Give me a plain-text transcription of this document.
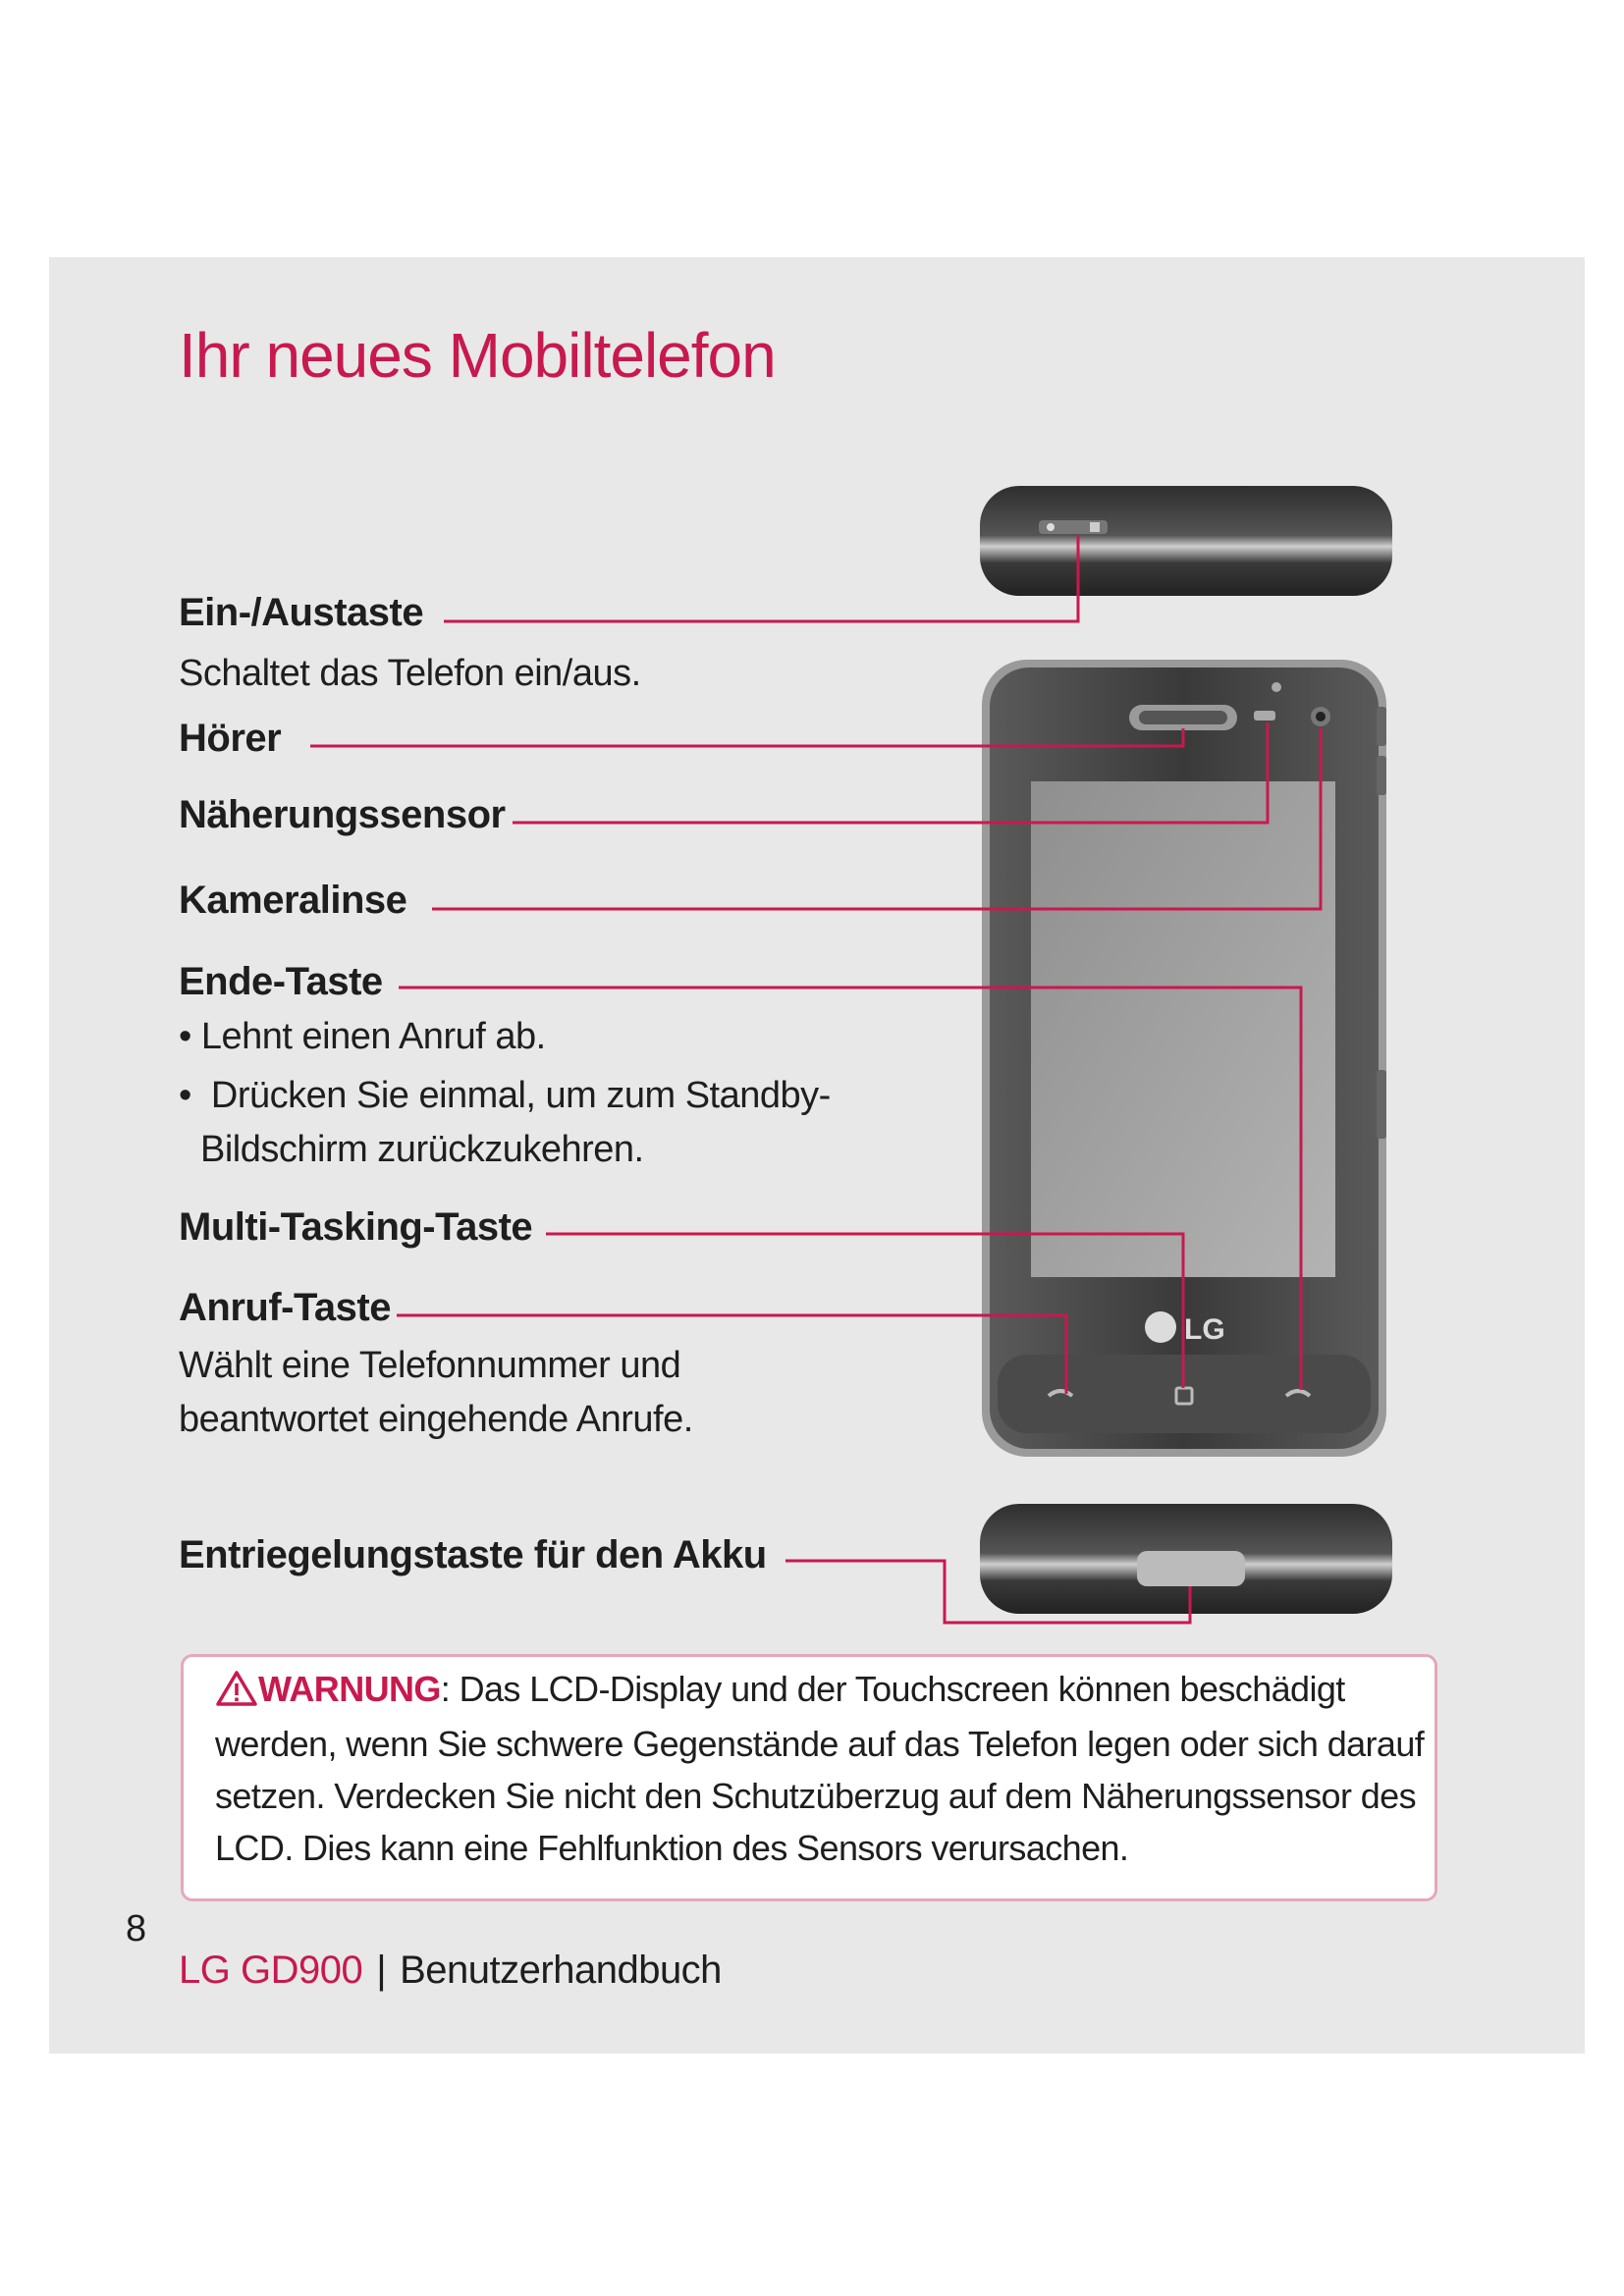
Ihr neues Mobiltelefon
Ein-/Austaste
Schaltet das Telefon ein/aus.
Hörer
Näherungssensor
Kameralinse
Ende-Taste
• Lehnt einen Anruf ab.
•  Drücken Sie einmal, um zum Standby-
Bildschirm zurückzukehren.
Multi-Tasking-Taste
Anruf-Taste
Wählt eine Telefonnummer und
beantwortet eingehende Anrufe.
Entriegelungstaste für den Akku
LG
WARNUNG: Das LCD-Display und der Touchscreen können beschädigt
werden, wenn Sie schwere Gegenstände auf das Telefon legen oder sich darauf
setzen. Verdecken Sie nicht den Schutzüberzug auf dem Näherungssensor des
LCD. Dies kann eine Fehlfunktion des Sensors verursachen.
8
LG GD900 | Benutzerhandbuch
